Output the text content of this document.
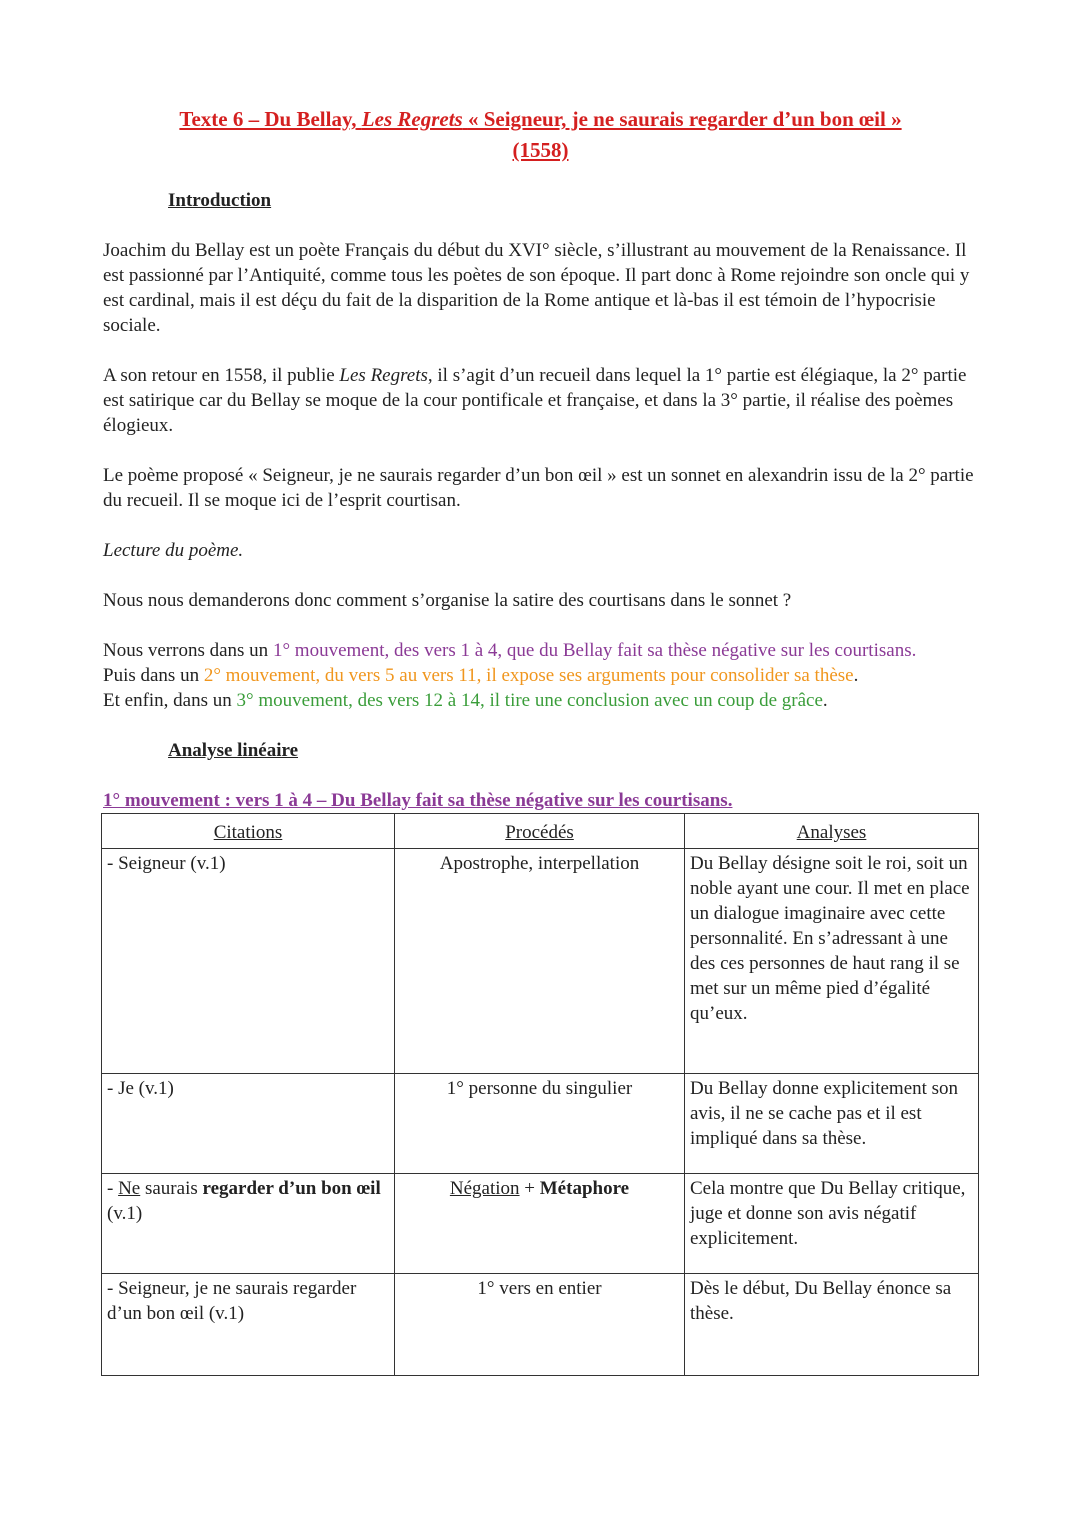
Texte 6 – Du Bellay, Les Regrets « Seigneur, je ne saurais regarder d’un bon œil »
(1558)
Introduction

Joachim du Bellay est un poète Français du début du XVI° siècle, s’illustrant au mouvement de la Renaissance. Il est passionné par l’Antiquité, comme tous les poètes de son époque. Il part donc à Rome rejoindre son oncle qui y est cardinal, mais il est déçu du fait de la disparition de la Rome antique et là-bas il est témoin de l’hypocrisie sociale.

A son retour en 1558, il publie Les Regrets, il s’agit d’un recueil dans lequel la 1° partie est élégiaque, la 2° partie est satirique car du Bellay se moque de la cour pontificale et française, et dans la 3° partie, il réalise des poèmes élogieux.

Le poème proposé « Seigneur, je ne saurais regarder d’un bon œil » est un sonnet en alexandrin issu de la 2° partie du recueil. Il se moque ici de l’esprit courtisan.

Lecture du poème.

Nous nous demanderons donc comment s’organise la satire des courtisans dans le sonnet ?

Nous verrons dans un 1° mouvement, des vers 1 à 4, que du Bellay fait sa thèse négative sur les courtisans.

Puis dans un 2° mouvement, du vers 5 au vers 11, il expose ses arguments pour consolider sa thèse.

Et enfin, dans un 3° mouvement, des vers 12 à 14, il tire une conclusion avec un coup de grâce.

Analyse linéaire
1° mouvement : vers 1 à 4 – Du Bellay fait sa thèse négative sur les courtisans.
Citations	Procédés	Analyses
- Seigneur (v.1)	Apostrophe, interpellation	Du Bellay désigne soit le roi, soit un noble ayant une cour. Il met en place un dialogue imaginaire avec cette personnalité. En s’adressant à une des ces personnes de haut rang il se met sur un même pied d’égalité qu’eux.
- Je (v.1)	1° personne du singulier	Du Bellay donne explicitement son avis, il ne se cache pas et il est impliqué dans sa thèse.
- Ne saurais regarder d’un bon œil (v.1)	Négation + Métaphore	Cela montre que Du Bellay critique, juge et donne son avis négatif explicitement.
- Seigneur, je ne saurais regarder d’un bon œil (v.1)	1° vers en entier	Dès le début, Du Bellay énonce sa thèse.
